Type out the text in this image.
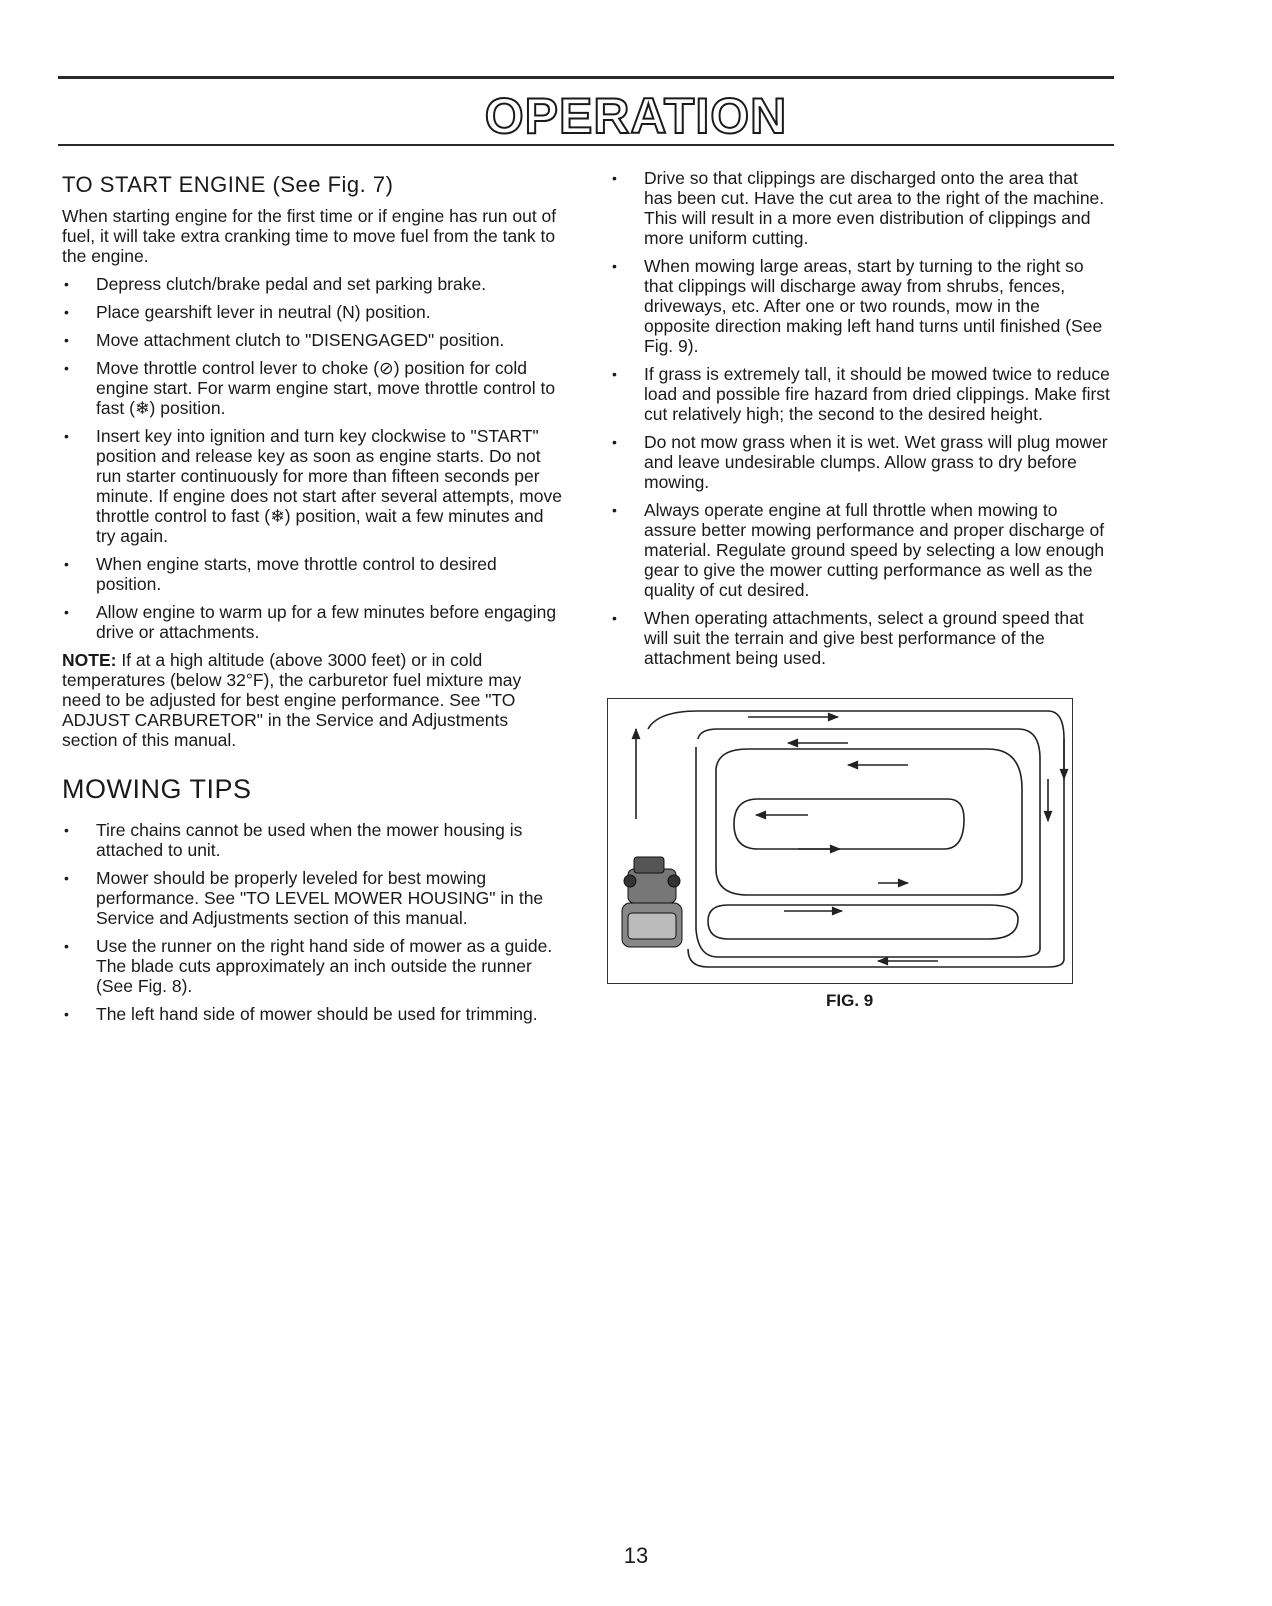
OPERATION
TO START ENGINE (See Fig. 7)

When starting engine for the first time or if engine has run out of fuel, it will take extra cranking time to move fuel from the tank to the engine.

• Depress clutch/brake pedal and set parking brake.
• Place gearshift lever in neutral (N) position.
• Move attachment clutch to "DISENGAGED" position.
• Move throttle control lever to choke (⊘) position for cold engine start. For warm engine start, move throttle control to fast (❄) position.
• Insert key into ignition and turn key clockwise to "START" position and release key as soon as engine starts. Do not run starter continuously for more than fifteen seconds per minute. If engine does not start after several attempts, move throttle control to fast (❄) position, wait a few minutes and try again.
• When engine starts, move throttle control to desired position.
• Allow engine to warm up for a few minutes before engaging drive or attachments.

NOTE: If at a high altitude (above 3000 feet) or in cold temperatures (below 32°F), the carburetor fuel mixture may need to be adjusted for best engine performance. See "TO ADJUST CARBURETOR" in the Service and Adjustments section of this manual.

MOWING TIPS
• Tire chains cannot be used when the mower housing is attached to unit.
• Mower should be properly leveled for best mowing performance. See "TO LEVEL MOWER HOUSING" in the Service and Adjustments section of this manual.
• Use the runner on the right hand side of mower as a guide. The blade cuts approximately an inch outside the runner (See Fig. 8).
• The left hand side of mower should be used for trimming.
• Drive so that clippings are discharged onto the area that has been cut. Have the cut area to the right of the machine. This will result in a more even distribution of clippings and more uniform cutting.
• When mowing large areas, start by turning to the right so that clippings will discharge away from shrubs, fences, driveways, etc. After one or two rounds, mow in the opposite direction making left hand turns until finished (See Fig. 9).
• If grass is extremely tall, it should be mowed twice to reduce load and possible fire hazard from dried clippings. Make first cut relatively high; the second to the desired height.
• Do not mow grass when it is wet. Wet grass will plug mower and leave undesirable clumps. Allow grass to dry before mowing.
• Always operate engine at full throttle when mowing to assure better mowing performance and proper discharge of material. Regulate ground speed by selecting a low enough gear to give the mower cutting performance as well as the quality of cut desired.
• When operating attachments, select a ground speed that will suit the terrain and give best performance of the attachment being used.
FIG. 9
13
